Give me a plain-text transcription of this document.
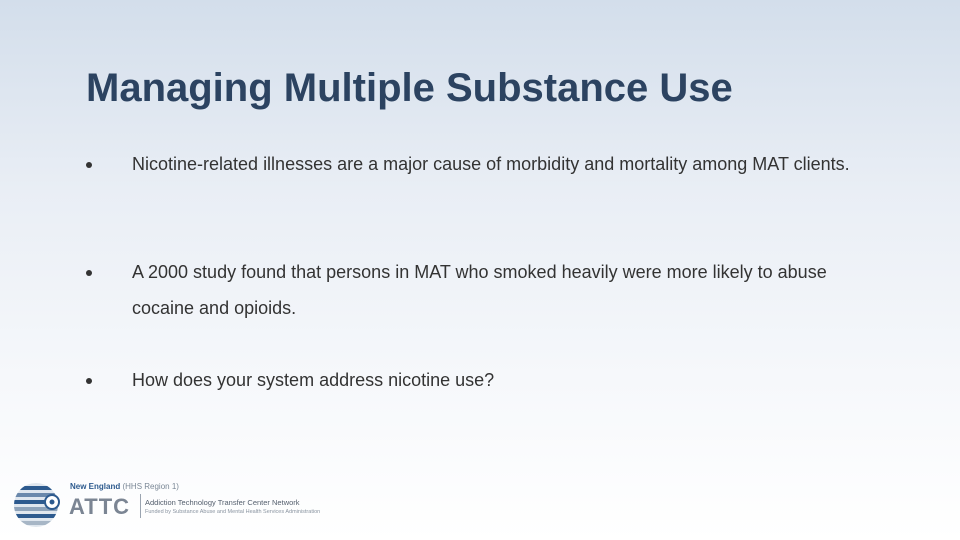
Managing Multiple Substance Use
Nicotine-related illnesses are a major cause of morbidity and mortality among MAT clients.
A 2000 study found that persons in MAT who smoked heavily were more likely to abuse cocaine and opioids.
How does your system address nicotine use?
New England (HHS Region 1)
ATTC Addiction Technology Transfer Center Network
Funded by Substance Abuse and Mental Health Services Administration
